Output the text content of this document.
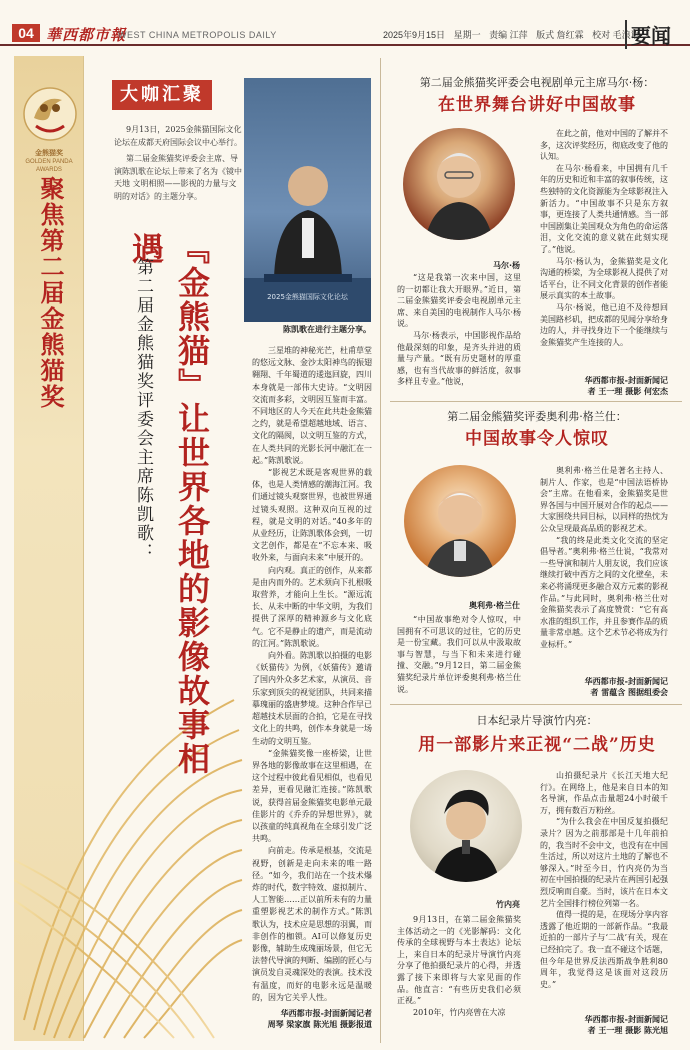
04 華西都市報
WEST CHINA METROPOLIS DAILY	2025年9月15日 星期一 责编 江萍 版式 詹红霖 校对 毛浪语
要闻
金熊猫奖
GOLDEN PANDA AWARDS
聚焦第二届金熊猫奖
大咖汇聚

9月13日，2025金熊猫国际文化论坛在成都天府国际会议中心举行。

第二届金熊猫奖评委会主席、导演陈凯歌在论坛上带来了名为《镜中天地 文明相照——影视的力量与文明的对话》的主题分享。

2025金熊猫国际文化论坛
陈凯歌在进行主题分享。
『金熊猫』让世界各地的影像故事相遇
第二届金熊猫奖评委会主席陈凯歌：	三星堆的神秘光芒，杜甫草堂的悠远文脉、金沙太阳神鸟的振翅翱翔、千年蜀道的逶迤回旋，四川本身就是一部伟大史诗。“文明因交流而多彩，文明因互鉴而丰富。不同地区的人今天在此共赴金熊猫之约，就是希望超越地域、语言、文化的隔阂，以文明互鉴的方式，在人类共同的光影长河中融汇在一起。”陈凯歌说。

“影视艺术既是客观世界的载体，也是人类情感的潮海江河。我们通过镜头观察世界，也被世界通过镜头观照。这种双向互视的过程，就是文明的对话。”40多年的从业经历，让陈凯歌体会到，一切文艺创作，都是在“不忘本来、吸收外来，与面向未来”中展开的。

向内观。真正的创作，从来都是由内而外的。艺术须向下扎根吸取营养，才能向上生长。“源远流长、从未中断的中华文明，为我们提供了深厚的精神源乡与文化底气。它不是静止的遗产，而是流动的江河。”陈凯歌说。

向外看。陈凯歌以拍摄的电影《妖猫传》为例，《妖猫传》邀请了国内外众多艺术家，从演员、音乐家到顶尖的视觉团队，共同来描摹瑰丽的盛唐梦境。这种合作早已超越技术层面的合拍，它是在寻找文化上的共鸣，创作本身就是一场生动的文明互鉴。

“金熊猫奖像一座桥梁，让世界各地的影像故事在这里相遇，在这个过程中彼此看见相似，也看见差异，更看见融汇连接。”陈凯歌说，获得首届金熊猫奖电影单元最佳影片的《乔乔的异想世界》，就以孩童的纯真视角在全球引发广泛共鸣。

向前走。传承是根基，交流是视野，创新是走向未来的唯一路径。“如今，我们站在一个技术爆炸的时代，数字特效、虚拟制片、人工智能……正以前所未有的力量重塑影视艺术的制作方式。”陈凯歌认为，技术应是思想的羽翼，而非创作的枷锁。AI可以修复历史影像，辅助生成瑰丽场景，但它无法替代导演的判断、编剧的匠心与演员发自灵魂深处的表演。技术没有温度，而好的电影永远是温暖的，因为它关乎人性。

华西都市报-封面新闻记者
周琴 梁家旗 陈光旭 摄影报道
第二届金熊猫奖评委会电视剧单元主席马尔·杨：
在世界舞台讲好中国故事
马尔·杨

“这是我第一次来中国，这里的一切都让我大开眼界。”近日，第二届金熊猫奖评委会电视剧单元主席、来自美国的电视制作人马尔·杨说。

马尔·杨表示，中国影视作品给他最深刻的印象，是齐头并进的质量与产量。“既有历史题材的厚重感，也有当代故事的鲜活度，叙事多样且专业。”他说，

在此之前，他对中国的了解并不多，这次评奖经历，彻底改变了他的认知。

在马尔·杨看来，中国拥有几千年的历史和近和丰富的叙事传统，这些独特的文化资源能为全球影视注入新活力。“中国故事不只是东方叙事，更连接了人类共通情感。当一部中国剧集让美国观众为角色的命运落泪，文化交流的意义就在此刻实现了。”他说。

马尔·杨认为，金熊猫奖是文化沟通的桥梁，为全球影视人提供了对话平台，让不同文化背景的创作者能展示真实的本土故事。

马尔·杨说，他已迫不及待想回美国路杉矶，把成都的见闻分享给身边的人，并寻找身边下一个能继续与金熊猫奖产生连接的人。

华西都市报-封面新闻记
者 王一理 摄影 何宏杰
第二届金熊猫奖评委奥利弗·格兰仕：
中国故事令人惊叹
奥利弗·格兰仕

奥利弗·格兰仕是著名主持人、制片人、作家，也是“中国法语桥协会”主席。在他看来，金熊猫奖是世界各国与中国开展对合作的起点——大家围绕共同目标，以同样的热忱为公众呈现最高品质的影视艺术。

“我的终是此类文化交流的坚定倡导者。”奥利弗·格兰仕说，“我常对一些导演和制片人朋友说，我们应该继续打破中西方之间的文化壁垒，未来必将涌现更多融合双方元素的影视作品。”与此同时，奥利弗·格兰仕对金熊猫奖表示了高度赞赏：“它有高水准的组织工作，并且参赛作品的质量非常卓越。这个艺术节必将成为行业标杆。”

“中国故事绝对令人惊叹，中国拥有不可思议的过往，它的历史是一份宝藏。我们可以从中汲取故事与智慧，与当下和未来进行碰撞、交融。”9月12日，第二届金熊猫奖纪录片单位评委奥利弗·格兰仕说。

华西都市报-封面新闻记
者 雷蕴含 图据组委会
日本纪录片导演竹内亮：
用一部影片来正视“二战”历史
竹内亮

山拍摄纪录片《长江天地大纪行》。在网络上，他是来自日本的知名导演，作品点击量超24小时破千万，拥有数百万粉丝。

“为什么我会在中国反复拍摄纪录片？因为之前那部是十几年前拍的，我当时不会中文，也没有在中国生活过，所以对这片土地的了解也不够深入。”时至今日，竹内亮仍为当初在中国拍摄的纪录片在两国引起强烈反响而自豪。当时，该片在日本文艺片全国排行榜位列第一名。

值得一提的是，在现场分享内容透露了他近期的一部新作品。“我最近拍的一部片子与‘二战’有关，现在已经拍完了。我一直不碰这个话题，但今年是世界反法西斯战争胜利80周年，我觉得这是该面对这段历史。”

9月13日，在第二届金熊猫奖主体活动之一的《光影解码：文化传承的全球视野与本土表达》论坛上，来自日本的纪录片导演竹内亮分享了他拍摄纪录片的心得，并透露了接下来即将与大家见面的作品。他直言：“有些历史我们必须正视。”

2010年，竹内亮曾在大凉

华西都市报-封面新闻记
者 王一理 摄影 陈光旭
